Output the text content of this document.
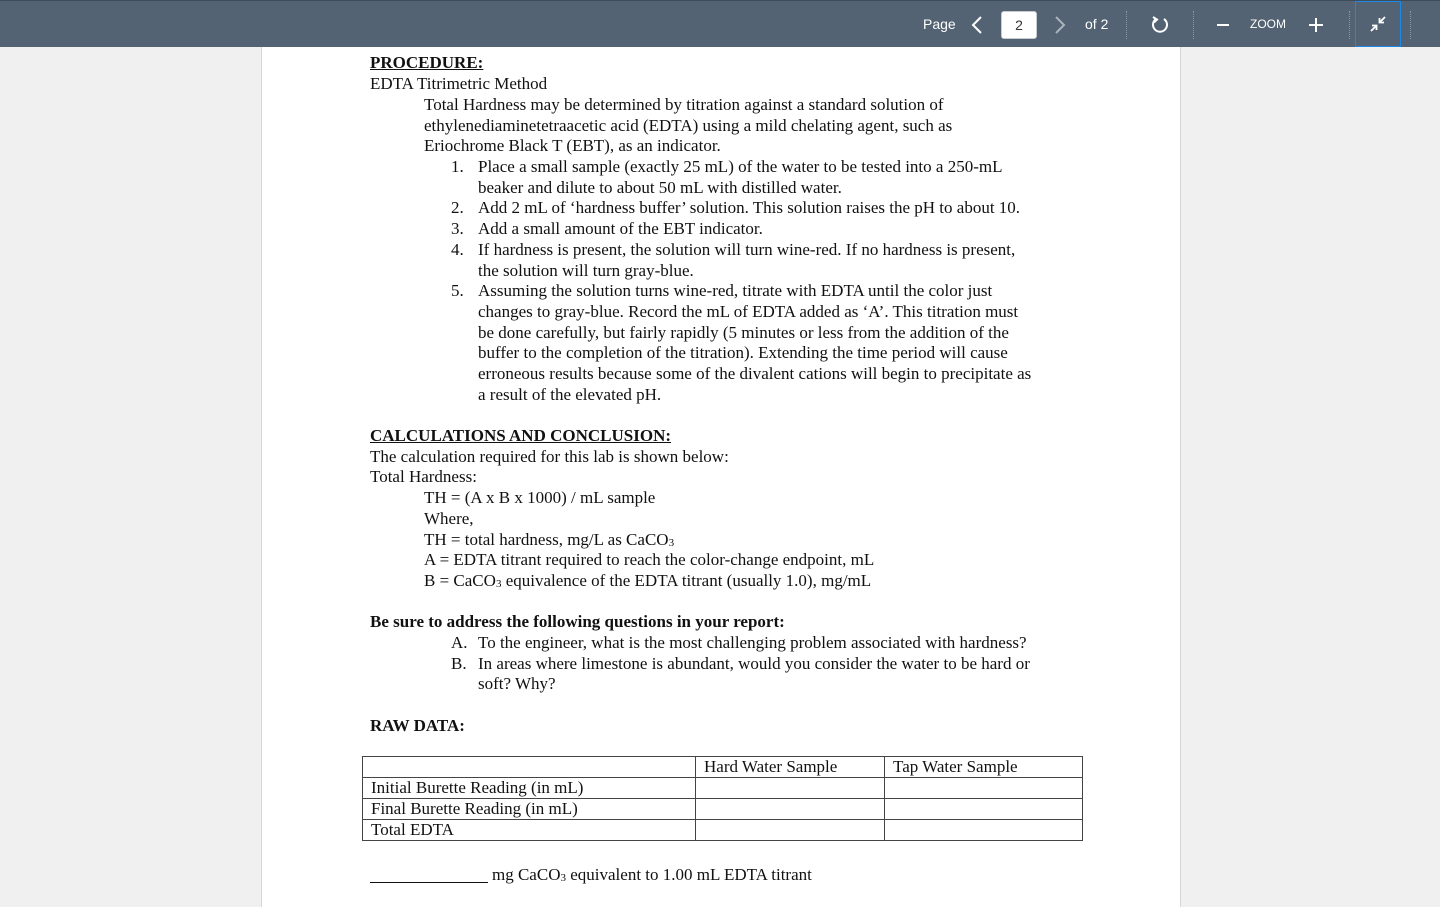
Page
2	of 2	ZOOM
PROCEDURE:
EDTA Titrimetric Method
Total Hardness may be determined by titration against a standard solution of
ethylenediaminetetraacetic acid (EDTA) using a mild chelating agent, such as
Eriochrome Black T (EBT), as an indicator.
1. Place a small sample (exactly 25 mL) of the water to be tested into a 250-mL
beaker and dilute to about 50 mL with distilled water.
2. Add 2 mL of ‘hardness buffer’ solution. This solution raises the pH to about 10.
3. Add a small amount of the EBT indicator.
4. If hardness is present, the solution will turn wine-red. If no hardness is present,
the solution will turn gray-blue.
5. Assuming the solution turns wine-red, titrate with EDTA until the color just
changes to gray-blue. Record the mL of EDTA added as ‘A’. This titration must
be done carefully, but fairly rapidly (5 minutes or less from the addition of the
buffer to the completion of the titration). Extending the time period will cause
erroneous results because some of the divalent cations will begin to precipitate as
a result of the elevated pH.
CALCULATIONS AND CONCLUSION:
The calculation required for this lab is shown below:
Total Hardness:
TH = (A x B x 1000) / mL sample
Where,
TH = total hardness, mg/L as CaCO$_3$
A = EDTA titrant required to reach the color-change endpoint, mL
B = CaCO$_3$ equivalence of the EDTA titrant (usually 1.0), mg/mL
Be sure to address the following questions in your report:
A. To the engineer, what is the most challenging problem associated with hardness?
B. In areas where limestone is abundant, would you consider the water to be hard or
soft? Why?
RAW DATA:
	Hard Water Sample	Tap Water Sample
Initial Burette Reading (in mL)		
Final Burette Reading (in mL)		
Total EDTA		
mg CaCO$_3$ equivalent to 1.00 mL EDTA titrant
